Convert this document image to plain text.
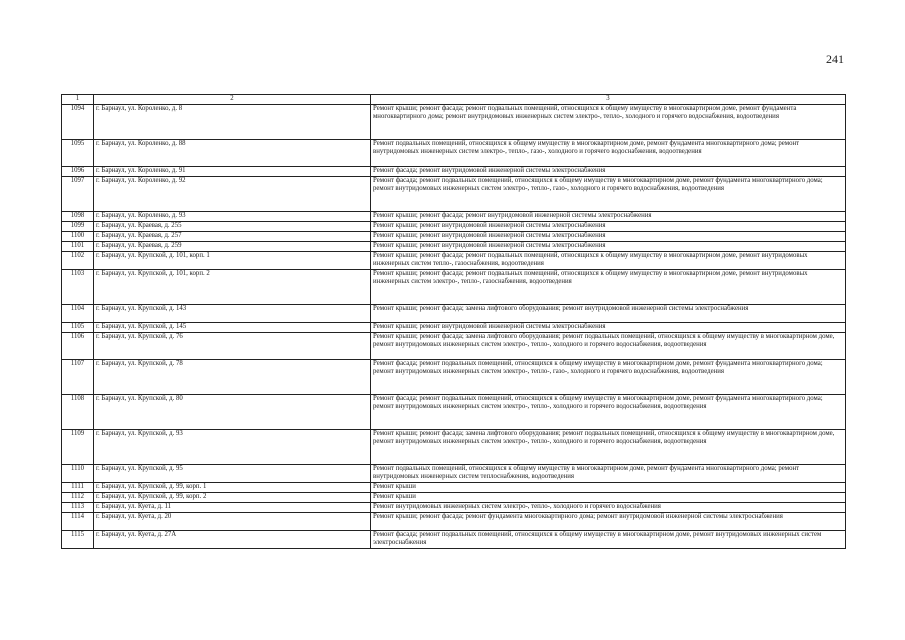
241
1	2	3
1094	г. Барнаул, ул. Короленко, д. 8	Ремонт крыши; ремонт фасада; ремонт подвальных помещений, относящихся к общему имуществу в многоквартирном доме, ремонт фундамента многоквартирного дома; ремонт внутридомовых инженерных систем электро-, тепло-, холодного и горячего водоснабжения, водоотведения
1095	г. Барнаул, ул. Короленко, д. 88	Ремонт подвальных помещений, относящихся к общему имуществу в многоквартирном доме, ремонт фундамента многоквартирного дома; ремонт внутридомовых инженерных систем электро-, тепло-, газо-, холодного и горячего водоснабжения, водоотведения
1096	г. Барнаул, ул. Короленко, д. 91	Ремонт фасада; ремонт внутридомовой инженерной системы электроснабжения
1097	г. Барнаул, ул. Короленко, д. 92	Ремонт фасада; ремонт подвальных помещений, относящихся к общему имуществу в многоквартирном доме, ремонт фундамента многоквартирного дома; ремонт внутридомовых инженерных систем электро-, тепло-, газо-, холодного и горячего водоснабжения, водоотведения
1098	г. Барнаул, ул. Короленко, д. 93	Ремонт крыши; ремонт фасада; ремонт внутридомовой инженерной системы электроснабжения
1099	г. Барнаул, ул. Краевая, д. 255	Ремонт крыши; ремонт внутридомовой инженерной системы электроснабжения
1100	г. Барнаул, ул. Краевая, д. 257	Ремонт крыши; ремонт внутридомовой инженерной системы электроснабжения
1101	г. Барнаул, ул. Краевая, д. 259	Ремонт крыши; ремонт внутридомовой инженерной системы электроснабжения
1102	г. Барнаул, ул. Крупской, д. 101, корп. 1	Ремонт крыши; ремонт фасада; ремонт подвальных помещений, относящихся к общему имуществу в многоквартирном доме, ремонт внутридомовых инженерных систем тепло-, газоснабжения, водоотведения
1103	г. Барнаул, ул. Крупской, д. 101, корп. 2	Ремонт крыши; ремонт фасада; ремонт подвальных помещений, относящихся к общему имуществу в многоквартирном доме, ремонт внутридомовых инженерных систем электро-, тепло-, газоснабжения, водоотведения
1104	г. Барнаул, ул. Крупской, д. 143	Ремонт крыши; ремонт фасада; замена лифтового оборудования; ремонт внутридомовой инженерной системы электроснабжения
1105	г. Барнаул, ул. Крупской, д. 145	Ремонт крыши; ремонт внутридомовой инженерной системы электроснабжения
1106	г. Барнаул, ул. Крупской, д. 76	Ремонт крыши; ремонт фасада; замена лифтового оборудования; ремонт подвальных помещений, относящихся к общему имуществу в многоквартирном доме, ремонт внутридомовых инженерных систем электро-, тепло-, холодного и горячего водоснабжения, водоотведения
1107	г. Барнаул, ул. Крупской, д. 78	Ремонт фасада; ремонт подвальных помещений, относящихся к общему имуществу в многоквартирном доме, ремонт фундамента многоквартирного дома; ремонт внутридомовых инженерных систем электро-, тепло-, газо-, холодного и горячего водоснабжения, водоотведения
1108	г. Барнаул, ул. Крупской, д. 80	Ремонт фасада; ремонт подвальных помещений, относящихся к общему имуществу в многоквартирном доме, ремонт фундамента многоквартирного дома; ремонт внутридомовых инженерных систем электро-, тепло-, холодного и горячего водоснабжения, водоотведения
1109	г. Барнаул, ул. Крупской, д. 93	Ремонт крыши; ремонт фасада; замена лифтового оборудования; ремонт подвальных помещений, относящихся к общему имуществу в многоквартирном доме, ремонт внутридомовых инженерных систем электро-, тепло-, холодного и горячего водоснабжения, водоотведения
1110	г. Барнаул, ул. Крупской, д. 95	Ремонт подвальных помещений, относящихся к общему имуществу в многоквартирном доме, ремонт фундамента многоквартирного дома; ремонт внутридомовых инженерных систем теплоснабжения, водоотведения
1111	г. Барнаул, ул. Крупской, д. 99, корп. 1	Ремонт крыши
1112	г. Барнаул, ул. Крупской, д. 99, корп. 2	Ремонт крыши
1113	г. Барнаул, ул. Куета, д. 11	Ремонт внутридомовых инженерных систем электро-, тепло-, холодного и горячего водоснабжения
1114	г. Барнаул, ул. Куета, д. 20	Ремонт крыши; ремонт фасада; ремонт фундамента многоквартирного дома; ремонт внутридомовой инженерной системы электроснабжения
1115	г. Барнаул, ул. Куета, д. 27А	Ремонт фасада; ремонт подвальных помещений, относящихся к общему имуществу в многоквартирном доме, ремонт внутридомовых инженерных систем электроснабжения
